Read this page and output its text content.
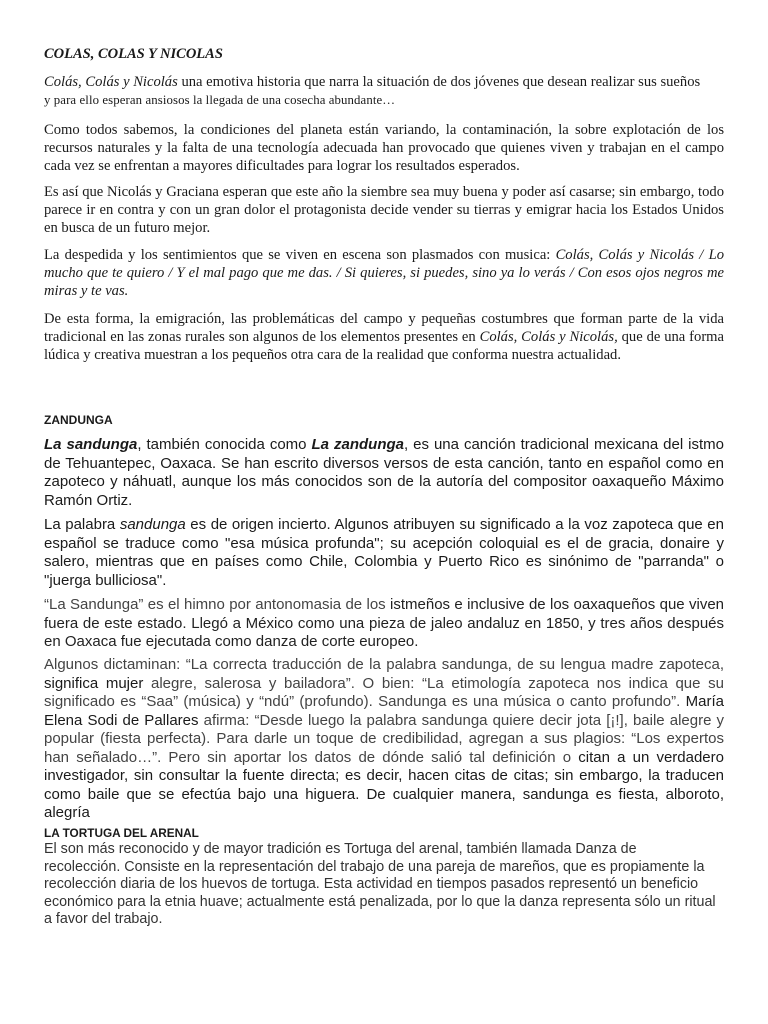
COLAS, COLAS Y NICOLAS

Colás, Colás y Nicolás una emotiva historia que narra la situación de dos jóvenes que desean realizar sus sueños
y para ello esperan ansiosos la llegada de una cosecha abundante…

Como todos sabemos, la condiciones del planeta están variando, la contaminación, la sobre explotación de los recursos naturales y la falta de una tecnología adecuada han provocado que quienes viven y trabajan en el campo cada vez se enfrentan a mayores dificultades para lograr los resultados esperados.

Es así que Nicolás y Graciana esperan que este año la siembre sea muy buena y poder así casarse; sin embargo, todo parece ir en contra y con un gran dolor el protagonista decide vender su tierras y emigrar hacia los Estados Unidos en busca de un futuro mejor.

La despedida y los sentimientos que se viven en escena son plasmados con musica: Colás, Colás y Nicolás / Lo mucho que te quiero / Y el mal pago que me das. / Si quieres, si puedes, sino ya lo verás / Con esos ojos negros me miras y te vas.

De esta forma, la emigración, las problemáticas del campo y pequeñas costumbres que forman parte de la vida tradicional en las zonas rurales son algunos de los elementos presentes en Colás, Colás y Nicolás, que de una forma lúdica y creativa muestran a los pequeños otra cara de la realidad que conforma nuestra actualidad.

ZANDUNGA

La sandunga, también conocida como La zandunga, es una canción tradicional mexicana del istmo de Tehuantepec, Oaxaca. Se han escrito diversos versos de esta canción, tanto en español como en zapoteco y náhuatl, aunque los más conocidos son de la autoría del compositor oaxaqueño Máximo Ramón Ortiz.

La palabra sandunga es de origen incierto. Algunos atribuyen su significado a la voz zapoteca que en español se traduce como "esa música profunda"; su acepción coloquial es el de gracia, donaire y salero, mientras que en países como Chile, Colombia y Puerto Rico es sinónimo de "parranda" o "juerga bulliciosa".

“La Sandunga” es el himno por antonomasia de los istmeños e inclusive de los oaxaqueños que viven fuera de este estado. Llegó a México como una pieza de jaleo andaluz en 1850, y tres años después en Oaxaca fue ejecutada como danza de corte europeo.

Algunos dictaminan: “La correcta traducción de la palabra sandunga, de su lengua madre zapoteca, significa mujer alegre, salerosa y bailadora”. O bien: “La etimología zapoteca nos indica que su significado es “Saa” (música) y “ndú” (profundo). Sandunga es una música o canto profundo”. María Elena Sodi de Pallares afirma: “Desde luego la palabra sandunga quiere decir jota [¡!], baile alegre y popular (fiesta perfecta). Para darle un toque de credibilidad, agregan a sus plagios: “Los expertos han señalado…”. Pero sin aportar los datos de dónde salió tal definición o citan a un verdadero investigador, sin consultar la fuente directa; es decir, hacen citas de citas; sin embargo, la traducen como baile que se efectúa bajo una higuera. De cualquier manera, sandunga es fiesta, alboroto, alegría

LA TORTUGA DEL ARENAL

El son más reconocido y de mayor tradición es Tortuga del arenal, también llamada Danza de recolección. Consiste en la representación del trabajo de una pareja de mareños, que es propiamente la recolección diaria de los huevos de tortuga. Esta actividad en tiempos pasados representó un beneficio económico para la etnia huave; actualmente está penalizada, por lo que la danza representa sólo un ritual a favor del trabajo.
